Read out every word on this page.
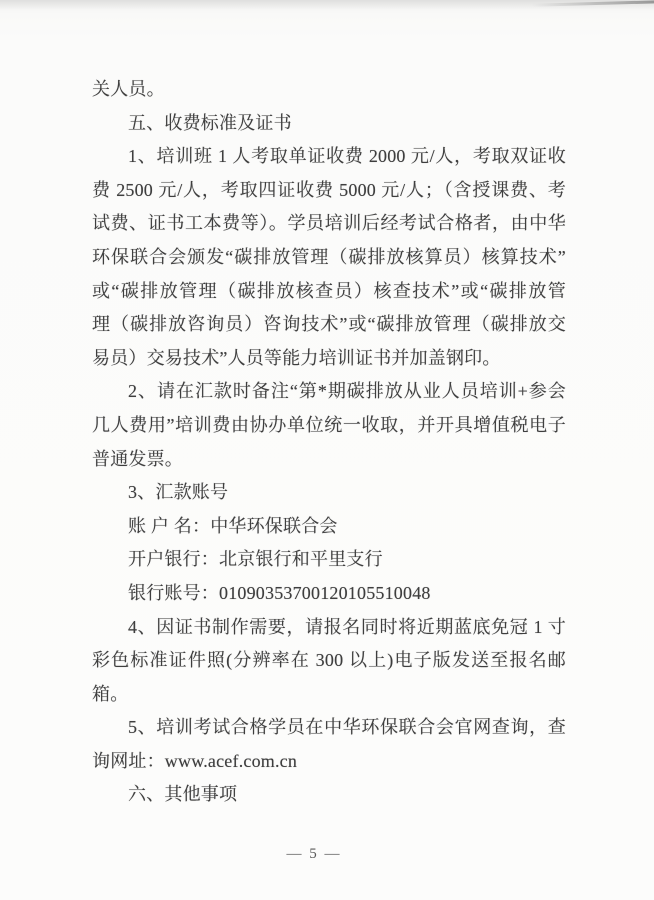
关人员。
五、收费标准及证书
1、培训班 1 人考取单证收费 2000 元/人，考取双证收
费 2500 元/人，考取四证收费 5000 元/人；（含授课费、考
试费、证书工本费等）。学员培训后经考试合格者，由中华
环保联合会颁发“碳排放管理（碳排放核算员）核算技术”
或“碳排放管理（碳排放核查员）核查技术”或“碳排放管
理（碳排放咨询员）咨询技术”或“碳排放管理（碳排放交
易员）交易技术”人员等能力培训证书并加盖钢印。
2、请在汇款时备注“第*期碳排放从业人员培训+参会
几人费用”培训费由协办单位统一收取，并开具增值税电子
普通发票。
3、汇款账号
账 户 名：中华环保联合会
开户银行：北京银行和平里支行
银行账号：01090353700120105510048
4、因证书制作需要，请报名同时将近期蓝底免冠 1 寸
彩色标准证件照(分辨率在 300 以上)电子版发送至报名邮
箱。
5、培训考试合格学员在中华环保联合会官网查询，查
询网址：www.acef.com.cn
六、其他事项
— 5 —
